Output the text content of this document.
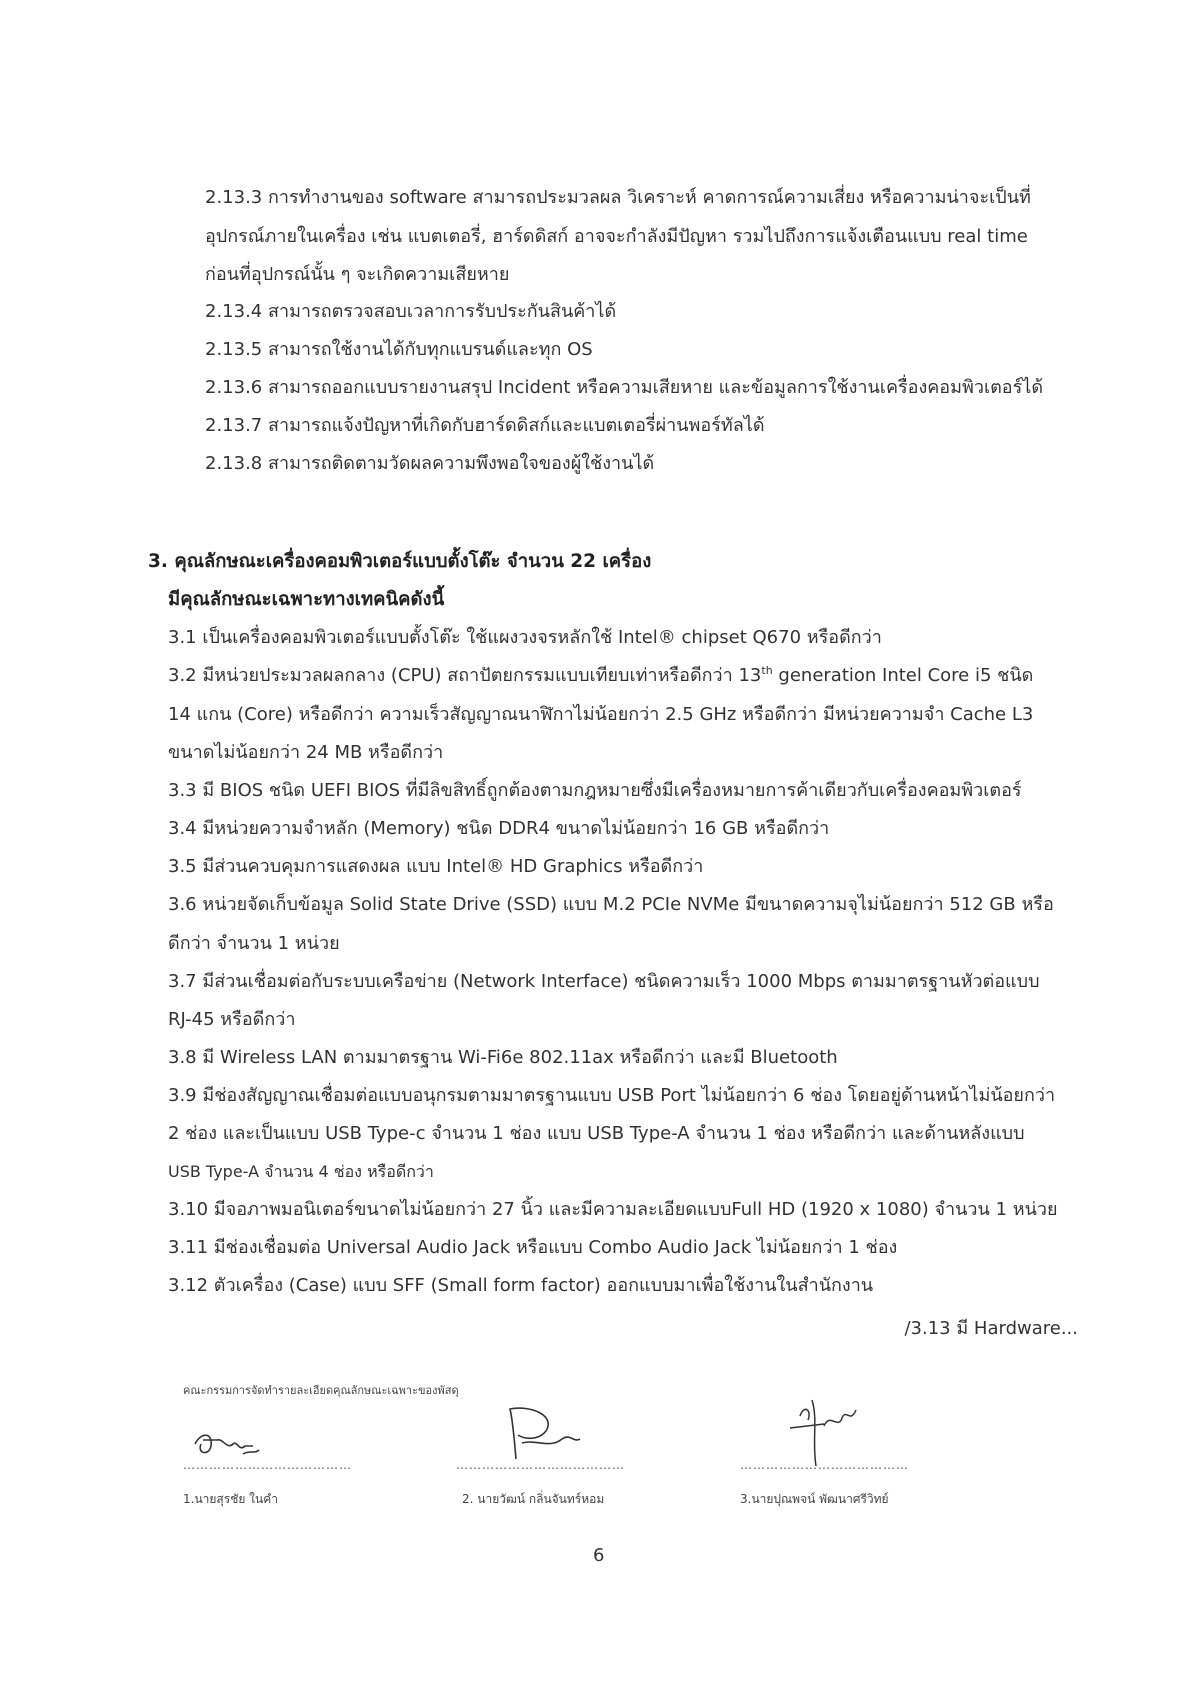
2.13.3 การทำงานของ software สามารถประมวลผล วิเคราะห์ คาดการณ์ความเสี่ยง หรือความน่าจะเป็นที่

อุปกรณ์ภายในเครื่อง เช่น แบตเตอรี่, ฮาร์ดดิสก์ อาจจะกำลังมีปัญหา รวมไปถึงการแจ้งเตือนแบบ real time

ก่อนที่อุปกรณ์นั้น ๆ จะเกิดความเสียหาย

2.13.4 สามารถตรวจสอบเวลาการรับประกันสินค้าได้

2.13.5 สามารถใช้งานได้กับทุกแบรนด์และทุก OS

2.13.6 สามารถออกแบบรายงานสรุป Incident หรือความเสียหาย และข้อมูลการใช้งานเครื่องคอมพิวเตอร์ได้

2.13.7 สามารถแจ้งปัญหาที่เกิดกับฮาร์ดดิสก์และแบตเตอรี่ผ่านพอร์ทัลได้

2.13.8 สามารถติดตามวัดผลความพึงพอใจของผู้ใช้งานได้

3. คุณลักษณะเครื่องคอมพิวเตอร์แบบตั้งโต๊ะ จำนวน 22 เครื่อง

มีคุณลักษณะเฉพาะทางเทคนิคดังนี้

3.1 เป็นเครื่องคอมพิวเตอร์แบบตั้งโต๊ะ ใช้แผงวงจรหลักใช้ Intel® chipset Q670 หรือดีกว่า

3.2 มีหน่วยประมวลผลกลาง (CPU) สถาปัตยกรรมแบบเทียบเท่าหรือดีกว่า 13th generation Intel Core i5 ชนิด

14 แกน (Core) หรือดีกว่า ความเร็วสัญญาณนาฬิกาไม่น้อยกว่า 2.5 GHz หรือดีกว่า มีหน่วยความจำ Cache L3

ขนาดไม่น้อยกว่า 24 MB หรือดีกว่า

3.3 มี BIOS ชนิด UEFI BIOS ที่มีลิขสิทธิ์ถูกต้องตามกฎหมายซึ่งมีเครื่องหมายการค้าเดียวกับเครื่องคอมพิวเตอร์

3.4 มีหน่วยความจำหลัก (Memory) ชนิด DDR4 ขนาดไม่น้อยกว่า 16 GB หรือดีกว่า

3.5 มีส่วนควบคุมการแสดงผล แบบ Intel® HD Graphics หรือดีกว่า

3.6 หน่วยจัดเก็บข้อมูล Solid State Drive (SSD) แบบ M.2 PCIe NVMe มีขนาดความจุไม่น้อยกว่า 512 GB หรือ

ดีกว่า จำนวน 1 หน่วย

3.7 มีส่วนเชื่อมต่อกับระบบเครือข่าย (Network Interface) ชนิดความเร็ว 1000 Mbps ตามมาตรฐานหัวต่อแบบ

RJ-45 หรือดีกว่า

3.8 มี Wireless LAN ตามมาตรฐาน Wi-Fi6e 802.11ax หรือดีกว่า และมี Bluetooth

3.9 มีช่องสัญญาณเชื่อมต่อแบบอนุกรมตามมาตรฐานแบบ USB Port ไม่น้อยกว่า 6 ช่อง โดยอยู่ด้านหน้าไม่น้อยกว่า

2 ช่อง และเป็นแบบ USB Type-c จำนวน 1 ช่อง แบบ USB Type-A จำนวน 1 ช่อง หรือดีกว่า และด้านหลังแบบ

USB Type-A จำนวน 4 ช่อง หรือดีกว่า

3.10 มีจอภาพมอนิเตอร์ขนาดไม่น้อยกว่า 27 นิ้ว และมีความละเอียดแบบFull HD (1920 x 1080) จำนวน 1 หน่วย

3.11 มีช่องเชื่อมต่อ Universal Audio Jack หรือแบบ Combo Audio Jack ไม่น้อยกว่า 1 ช่อง

3.12 ตัวเครื่อง (Case) แบบ SFF (Small form factor) ออกแบบมาเพื่อใช้งานในสำนักงาน

/3.13 มี Hardware...
คณะกรรมการจัดทำรายละเอียดคุณลักษณะเฉพาะของพัสดุ
…………………………………
1.นายสุรชัย ในคำ
…………………………………
2. นายวัฒน์ กลิ่นจันทร์หอม
…………………………………
3.นายปุณพจน์ พัฒนาศรีวิทย์
6
